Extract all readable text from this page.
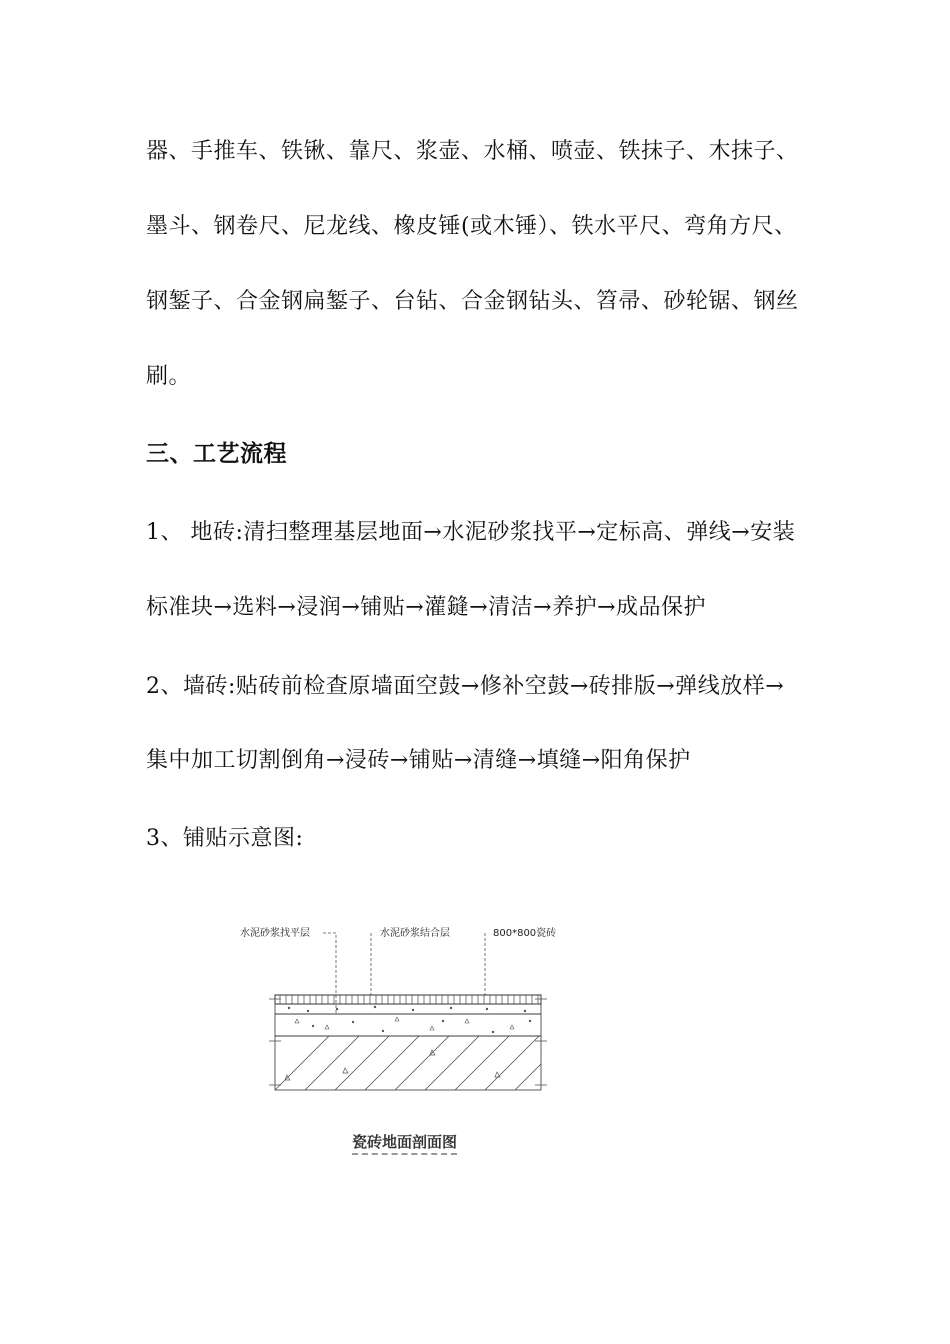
器、手推车、铁锹、靠尺、浆壶、水桶、喷壶、铁抹子、木抹子、
墨斗、钢卷尺、尼龙线、橡皮锤(或木锤）、铁水平尺、弯角方尺、
钢錾子、合金钢扁錾子、台钻、合金钢钻头、笤帚、砂轮锯、钢丝
刷。
三、工艺流程
1、 地砖:清扫整理基层地面→水泥砂浆找平→定标高、弹线→安装
标准块→选料→浸润→铺贴→灌鏠→清洁→养护→成品保护
2、墙砖:贴砖前检查原墙面空鼓→修补空鼓→砖排版→弹线放样→
集中加工切割倒角→浸砖→铺贴→清缝→填缝→阳角保护
3、铺贴示意图:
水泥砂浆找平层	水泥砂浆结合层	800*800瓷砖
瓷砖地面剖面图
